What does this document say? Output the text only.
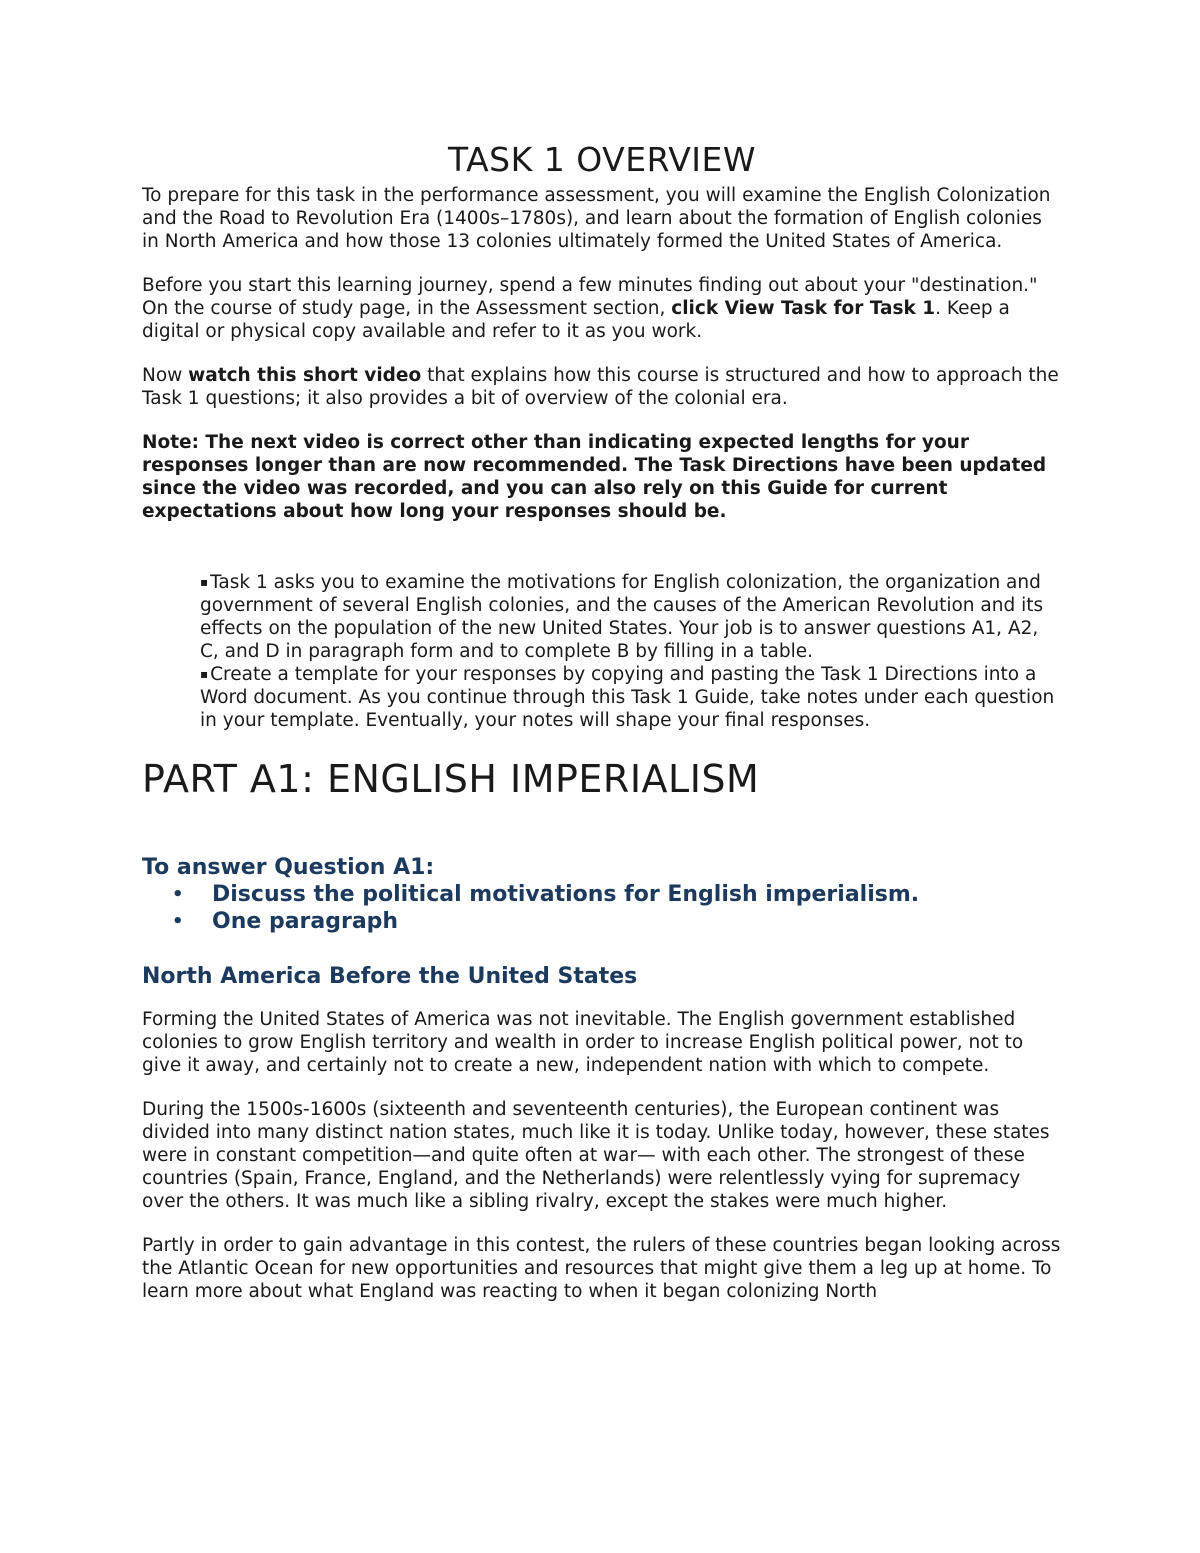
TASK 1 OVERVIEW

To prepare for this task in the performance assessment, you will examine the English Colonization and the Road to Revolution Era (1400s–1780s), and learn about the formation of English colonies in North America and how those 13 colonies ultimately formed the United States of America.

Before you start this learning journey, spend a few minutes finding out about your "destination." On the course of study page, in the Assessment section, click View Task for Task 1. Keep a digital or physical copy available and refer to it as you work.

Now watch this short video that explains how this course is structured and how to approach the Task 1 questions; it also provides a bit of overview of the colonial era.

Note: The next video is correct other than indicating expected lengths for your responses longer than are now recommended. The Task Directions have been updated since the video was recorded, and you can also rely on this Guide for current expectations about how long your responses should be.

▪ Task 1 asks you to examine the motivations for English colonization, the organization and government of several English colonies, and the causes of the American Revolution and its effects on the population of the new United States. Your job is to answer questions A1, A2, C, and D in paragraph form and to complete B by filling in a table.
▪ Create a template for your responses by copying and pasting the Task 1 Directions into a Word document. As you continue through this Task 1 Guide, take notes under each question in your template. Eventually, your notes will shape your final responses.
PART A1: ENGLISH IMPERIALISM
To answer Question A1:
• Discuss the political motivations for English imperialism.
• One paragraph
North America Before the United States

Forming the United States of America was not inevitable. The English government established colonies to grow English territory and wealth in order to increase English political power, not to give it away, and certainly not to create a new, independent nation with which to compete.

During the 1500s-1600s (sixteenth and seventeenth centuries), the European continent was divided into many distinct nation states, much like it is today. Unlike today, however, these states were in constant competition—and quite often at war— with each other. The strongest of these countries (Spain, France, England, and the Netherlands) were relentlessly vying for supremacy over the others. It was much like a sibling rivalry, except the stakes were much higher.

Partly in order to gain advantage in this contest, the rulers of these countries began looking across the Atlantic Ocean for new opportunities and resources that might give them a leg up at home. To learn more about what England was reacting to when it began colonizing North
